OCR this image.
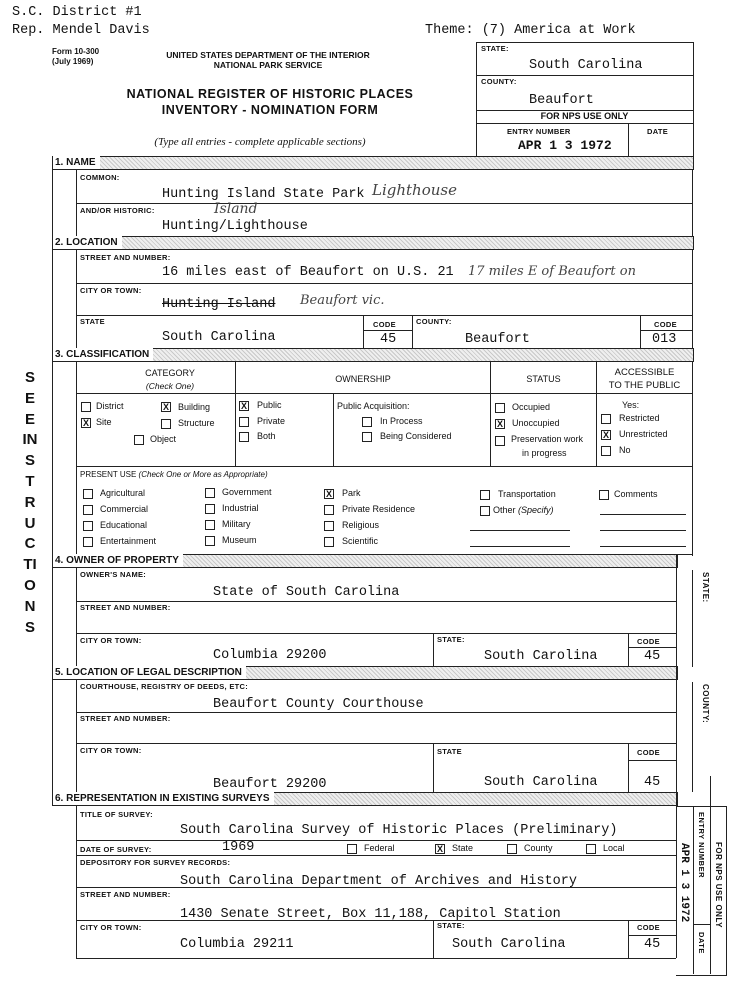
S.C. District #1
Rep. Mendel Davis	Theme: (7) America at Work
Form 10-300
(July 1969)
UNITED STATES DEPARTMENT OF THE INTERIOR
NATIONAL PARK SERVICE
NATIONAL REGISTER OF HISTORIC PLACES
INVENTORY - NOMINATION FORM
(Type all entries - complete applicable sections)
STATE:
South Carolina
COUNTY:
Beaufort
FOR NPS USE ONLY
ENTRY NUMBER	DATE
APR 1 3 1972
1. NAME
COMMON:
Hunting Island State Park Lighthouse
AND/OR HISTORIC:	Island
Hunting/Lighthouse
2. LOCATION
STREET AND NUMBER:
16 miles east of Beaufort on U.S. 21 17 miles E of Beaufort on
CITY OR TOWN:
Hunting Island Beaufort vic.
STATE
South Carolina
CODE
45
COUNTY:
Beaufort
CODE
013
3. CLASSIFICATION
CATEGORY
(Check One)
OWNERSHIP	STATUS
ACCESSIBLE
TO THE PUBLIC
District	X Building
X Site	Structure
Object
X Public
Private
Both
Public Acquisition:
In Process
Being Considered
Occupied
X Unoccupied
Preservation work
in progress
Yes:
Restricted
X Unrestricted
No
PRESENT USE (Check One or More as Appropriate)
Agricultural
Commercial
Educational
Entertainment
Government
Industrial
Military
Museum
X Park
Private Residence
Religious
Scientific
Transportation
Other (Specify)
Comments
4. OWNER OF PROPERTY
OWNER'S NAME:
State of South Carolina
STREET AND NUMBER:
CITY OR TOWN:
Columbia 29200
STATE:
South Carolina
CODE
45
STATE:
5. LOCATION OF LEGAL DESCRIPTION
COURTHOUSE, REGISTRY OF DEEDS, ETC:
Beaufort County Courthouse
STREET AND NUMBER:
CITY OR TOWN:
Beaufort 29200
STATE
South Carolina
CODE
45
COUNTY:
6. REPRESENTATION IN EXISTING SURVEYS
TITLE OF SURVEY:
South Carolina Survey of Historic Places (Preliminary)
DATE OF SURVEY:	1969	Federal	X State	County	Local
DEPOSITORY FOR SURVEY RECORDS:
South Carolina Department of Archives and History
STREET AND NUMBER:
1430 Senate Street, Box 11,188, Capitol Station
CITY OR TOWN:
Columbia 29211
STATE:
South Carolina
CODE
45
ENTRY NUMBER
DATE
FOR NPS USE ONLY
APR 1 3 1972
SEE INSTRUCTIONS
